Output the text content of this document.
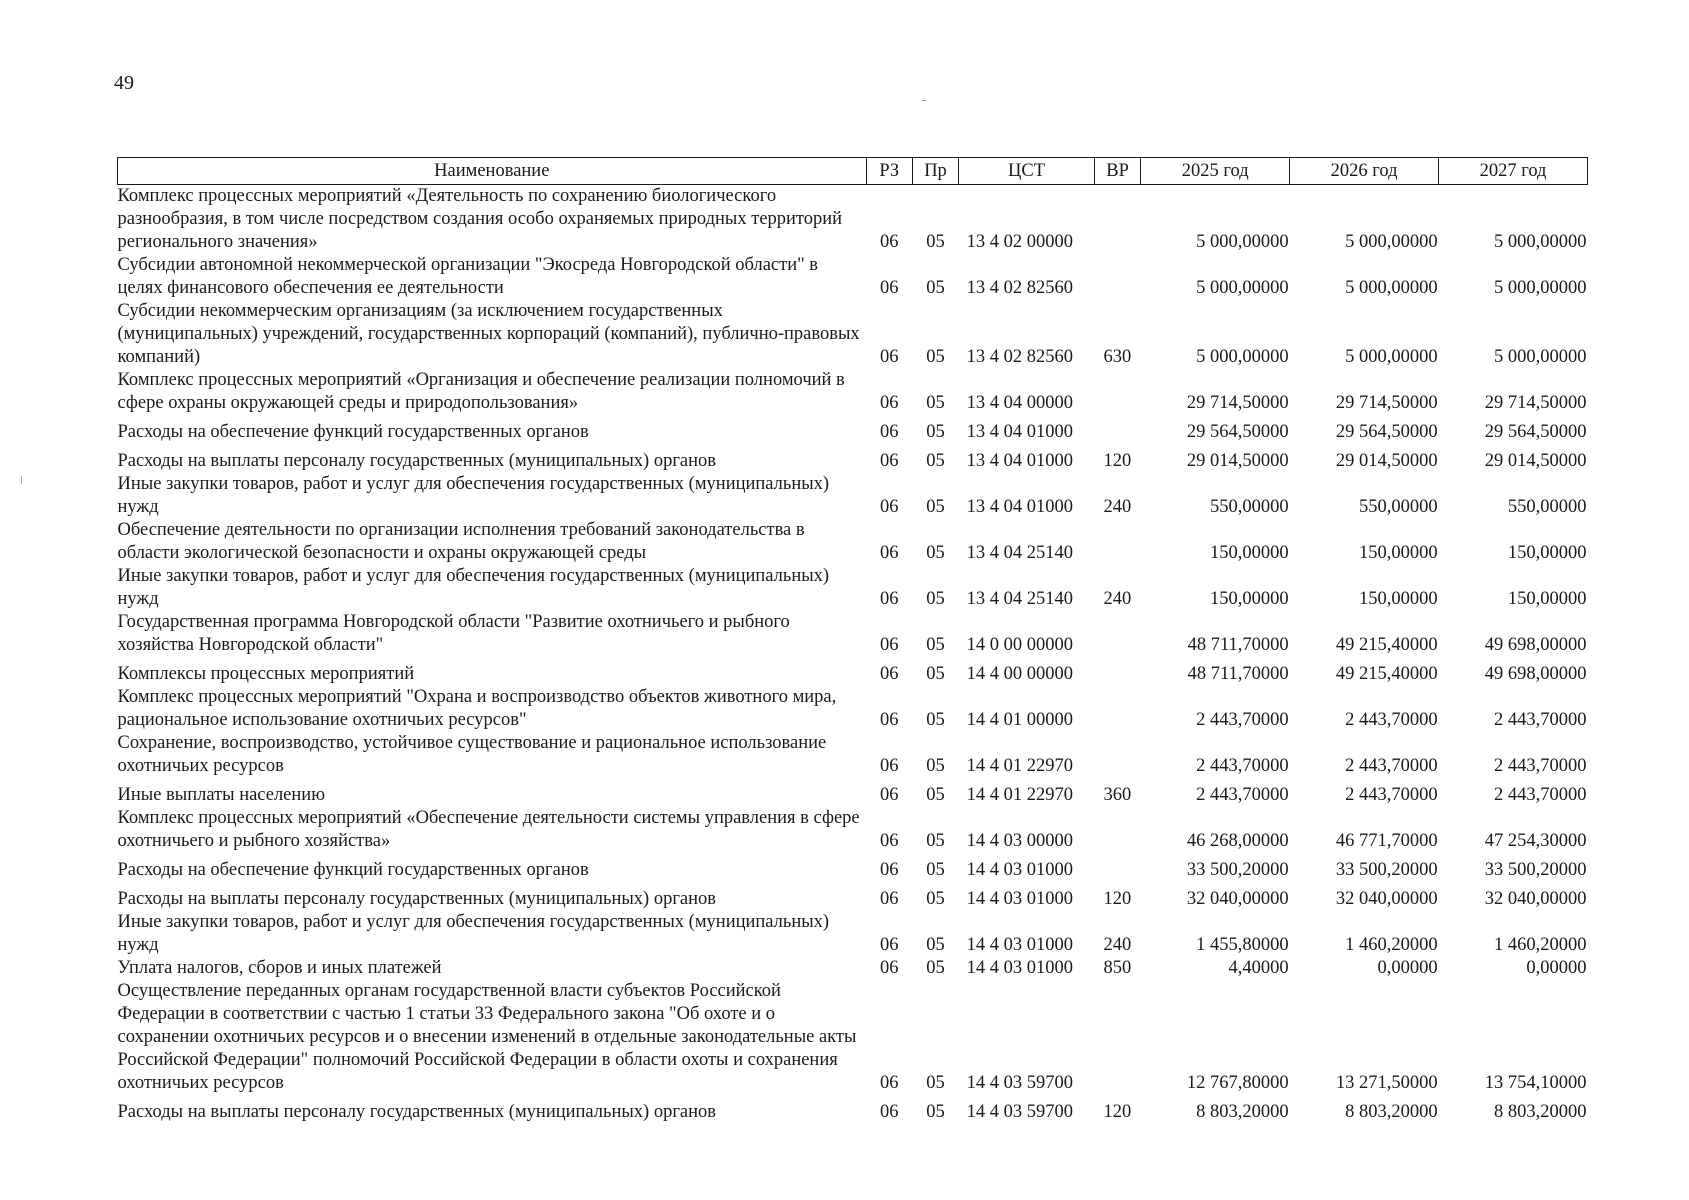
49
Наименование	РЗ	Пр	ЦСТ	ВР	2025 год	2026 год	2027 год
Комплекс процессных мероприятий «Деятельность по сохранению биологического разнообразия, в том числе посредством создания особо охраняемых природных территорий регионального значения»	06	05	13 4 02 00000		5 000,00000	5 000,00000	5 000,00000
Субсидии автономной некоммерческой организации "Экосреда Новгородской области" в целях финансового обеспечения ее деятельности	06	05	13 4 02 82560		5 000,00000	5 000,00000	5 000,00000
Субсидии некоммерческим организациям (за исключением государственных (муниципальных) учреждений, государственных корпораций (компаний), публично-правовых компаний)	06	05	13 4 02 82560	630	5 000,00000	5 000,00000	5 000,00000
Комплекс процессных мероприятий «Организация и обеспечение реализации полномочий в сфере охраны окружающей среды и природопользования»	06	05	13 4 04 00000		29 714,50000	29 714,50000	29 714,50000
Расходы на обеспечение функций государственных органов	06	05	13 4 04 01000		29 564,50000	29 564,50000	29 564,50000
Расходы на выплаты персоналу государственных (муниципальных) органов	06	05	13 4 04 01000	120	29 014,50000	29 014,50000	29 014,50000
Иные закупки товаров, работ и услуг для обеспечения государственных (муниципальных) нужд	06	05	13 4 04 01000	240	550,00000	550,00000	550,00000
Обеспечение деятельности по организации исполнения требований законодательства в области экологической безопасности и охраны окружающей среды	06	05	13 4 04 25140		150,00000	150,00000	150,00000
Иные закупки товаров, работ и услуг для обеспечения государственных (муниципальных) нужд	06	05	13 4 04 25140	240	150,00000	150,00000	150,00000
Государственная программа Новгородской области "Развитие охотничьего и рыбного хозяйства Новгородской области"	06	05	14 0 00 00000		48 711,70000	49 215,40000	49 698,00000
Комплексы процессных мероприятий	06	05	14 4 00 00000		48 711,70000	49 215,40000	49 698,00000
Комплекс процессных мероприятий "Охрана и воспроизводство объектов животного мира, рациональное использование охотничьих ресурсов"	06	05	14 4 01 00000		2 443,70000	2 443,70000	2 443,70000
Сохранение, воспроизводство, устойчивое существование и рациональное использование охотничьих ресурсов	06	05	14 4 01 22970		2 443,70000	2 443,70000	2 443,70000
Иные выплаты населению	06	05	14 4 01 22970	360	2 443,70000	2 443,70000	2 443,70000
Комплекс процессных мероприятий «Обеспечение деятельности системы управления в сфере охотничьего и рыбного хозяйства»	06	05	14 4 03 00000		46 268,00000	46 771,70000	47 254,30000
Расходы на обеспечение функций государственных органов	06	05	14 4 03 01000		33 500,20000	33 500,20000	33 500,20000
Расходы на выплаты персоналу государственных (муниципальных) органов	06	05	14 4 03 01000	120	32 040,00000	32 040,00000	32 040,00000
Иные закупки товаров, работ и услуг для обеспечения государственных (муниципальных) нужд	06	05	14 4 03 01000	240	1 455,80000	1 460,20000	1 460,20000
Уплата налогов, сборов и иных платежей	06	05	14 4 03 01000	850	4,40000	0,00000	0,00000
Осуществление переданных органам государственной власти субъектов Российской Федерации в соответствии с частью 1 статьи 33 Федерального закона "Об охоте и о сохранении охотничьих ресурсов и о внесении изменений в отдельные законодательные акты Российской Федерации" полномочий Российской Федерации в области охоты и сохранения охотничьих ресурсов	06	05	14 4 03 59700		12 767,80000	13 271,50000	13 754,10000
Расходы на выплаты персоналу государственных (муниципальных) органов	06	05	14 4 03 59700	120	8 803,20000	8 803,20000	8 803,20000
